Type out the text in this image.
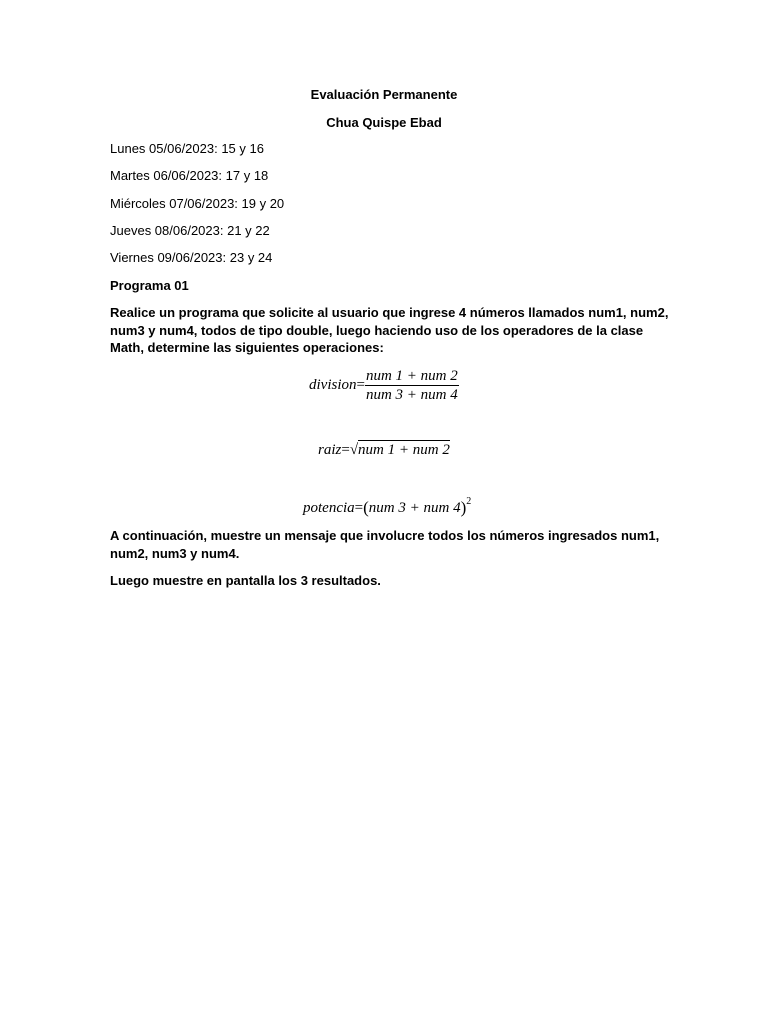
Evaluación Permanente
Chua Quispe Ebad
Lunes 05/06/2023: 15 y 16
Martes 06/06/2023: 17 y 18
Miércoles 07/06/2023: 19 y 20
Jueves 08/06/2023: 21 y 22
Viernes 09/06/2023: 23 y 24
Programa 01
Realice un programa que solicite al usuario que ingrese 4 números llamados num1, num2, num3 y num4, todos de tipo double, luego haciendo uso de los operadores de la clase Math, determine las siguientes operaciones:
division= $\frac{\text{num 1 + num 2}}{\text{num 3 + num 4}}$
raiz=√num 1 + num 2
potencia=(num 3 + num 4)$^2$
A continuación, muestre un mensaje que involucre todos los números ingresados num1, num2, num3 y num4.
Luego muestre en pantalla los 3 resultados.
